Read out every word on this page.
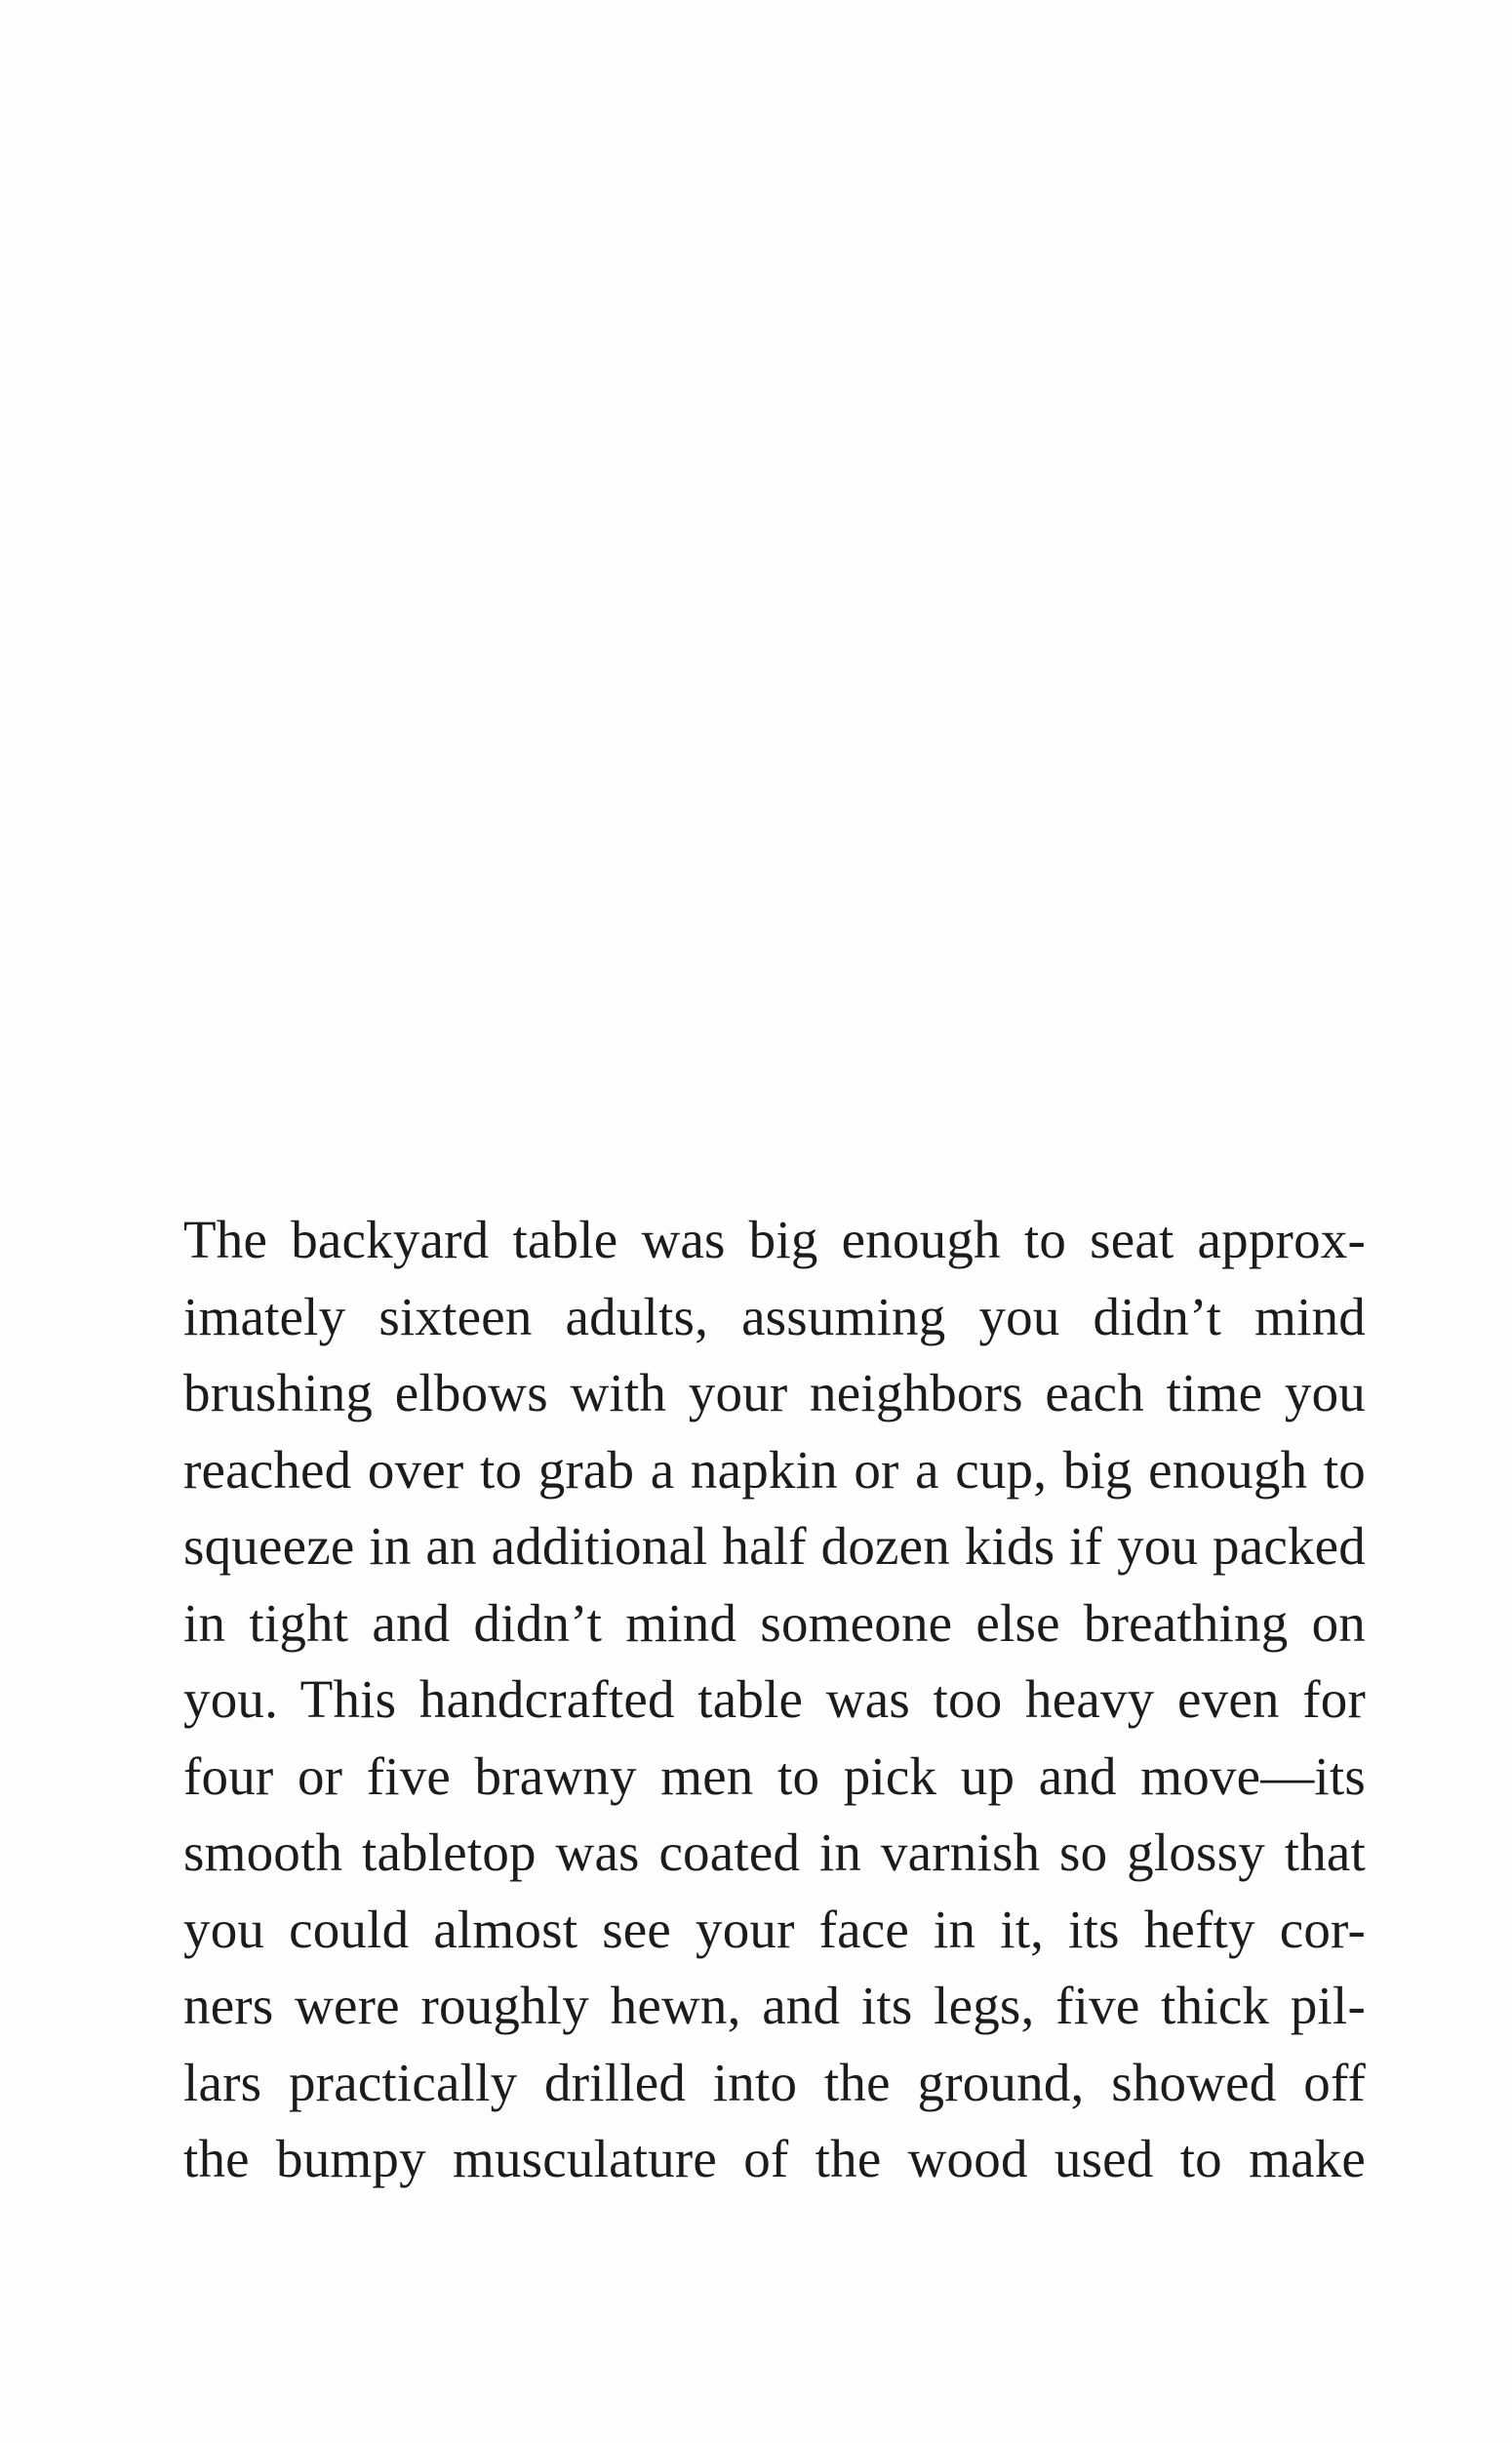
The backyard table was big enough to seat approx-
imately sixteen adults, assuming you didn’t mind
brushing elbows with your neighbors each time you
reached over to grab a napkin or a cup, big enough to
squeeze in an additional half dozen kids if you packed
in tight and didn’t mind someone else breathing on
you. This handcrafted table was too heavy even for
four or five brawny men to pick up and move—its
smooth tabletop was coated in varnish so glossy that
you could almost see your face in it, its hefty cor-
ners were roughly hewn, and its legs, five thick pil-
lars practically drilled into the ground, showed off
the bumpy musculature of the wood used to make
